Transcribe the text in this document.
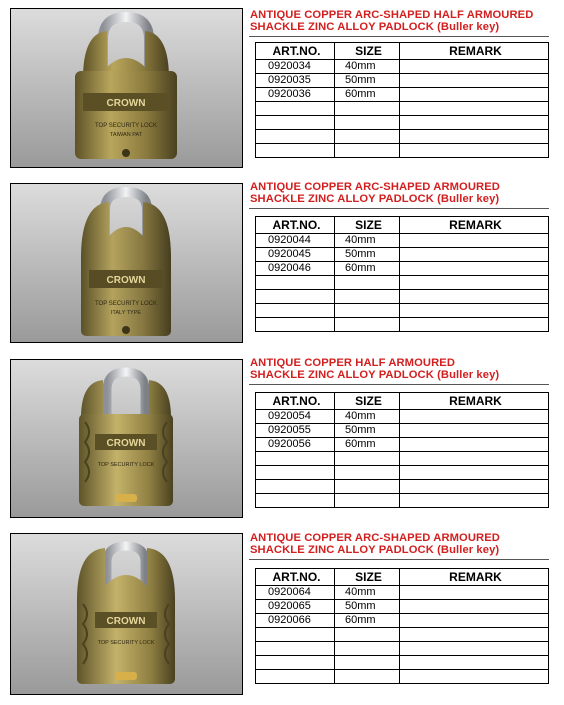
CROWN
TOP SECURITY LOCK
TAIWAN PAT
ANTIQUE COPPER ARC-SHAPED HALF ARMOURED
SHACKLE ZINC ALLOY PADLOCK (Buller key)
ART.NO.	SIZE	REMARK
0920034	40mm	
0920035	50mm	
0920036	60mm	

CROWN
TOP SECURITY LOCK
ITALY TYPE
ANTIQUE COPPER ARC-SHAPED ARMOURED
SHACKLE ZINC ALLOY PADLOCK (Buller key)
ART.NO.	SIZE	REMARK
0920044	40mm	
0920045	50mm	
0920046	60mm	

CROWN
TOP SECURITY LOCK
ANTIQUE COPPER HALF ARMOURED
SHACKLE ZINC ALLOY PADLOCK (Buller key)
ART.NO.	SIZE	REMARK
0920054	40mm	
0920055	50mm	
0920056	60mm	

CROWN
TOP SECURITY LOCK
ANTIQUE COPPER ARC-SHAPED ARMOURED
SHACKLE ZINC ALLOY PADLOCK (Buller key)
ART.NO.	SIZE	REMARK
0920064	40mm	
0920065	50mm	
0920066	60mm	
